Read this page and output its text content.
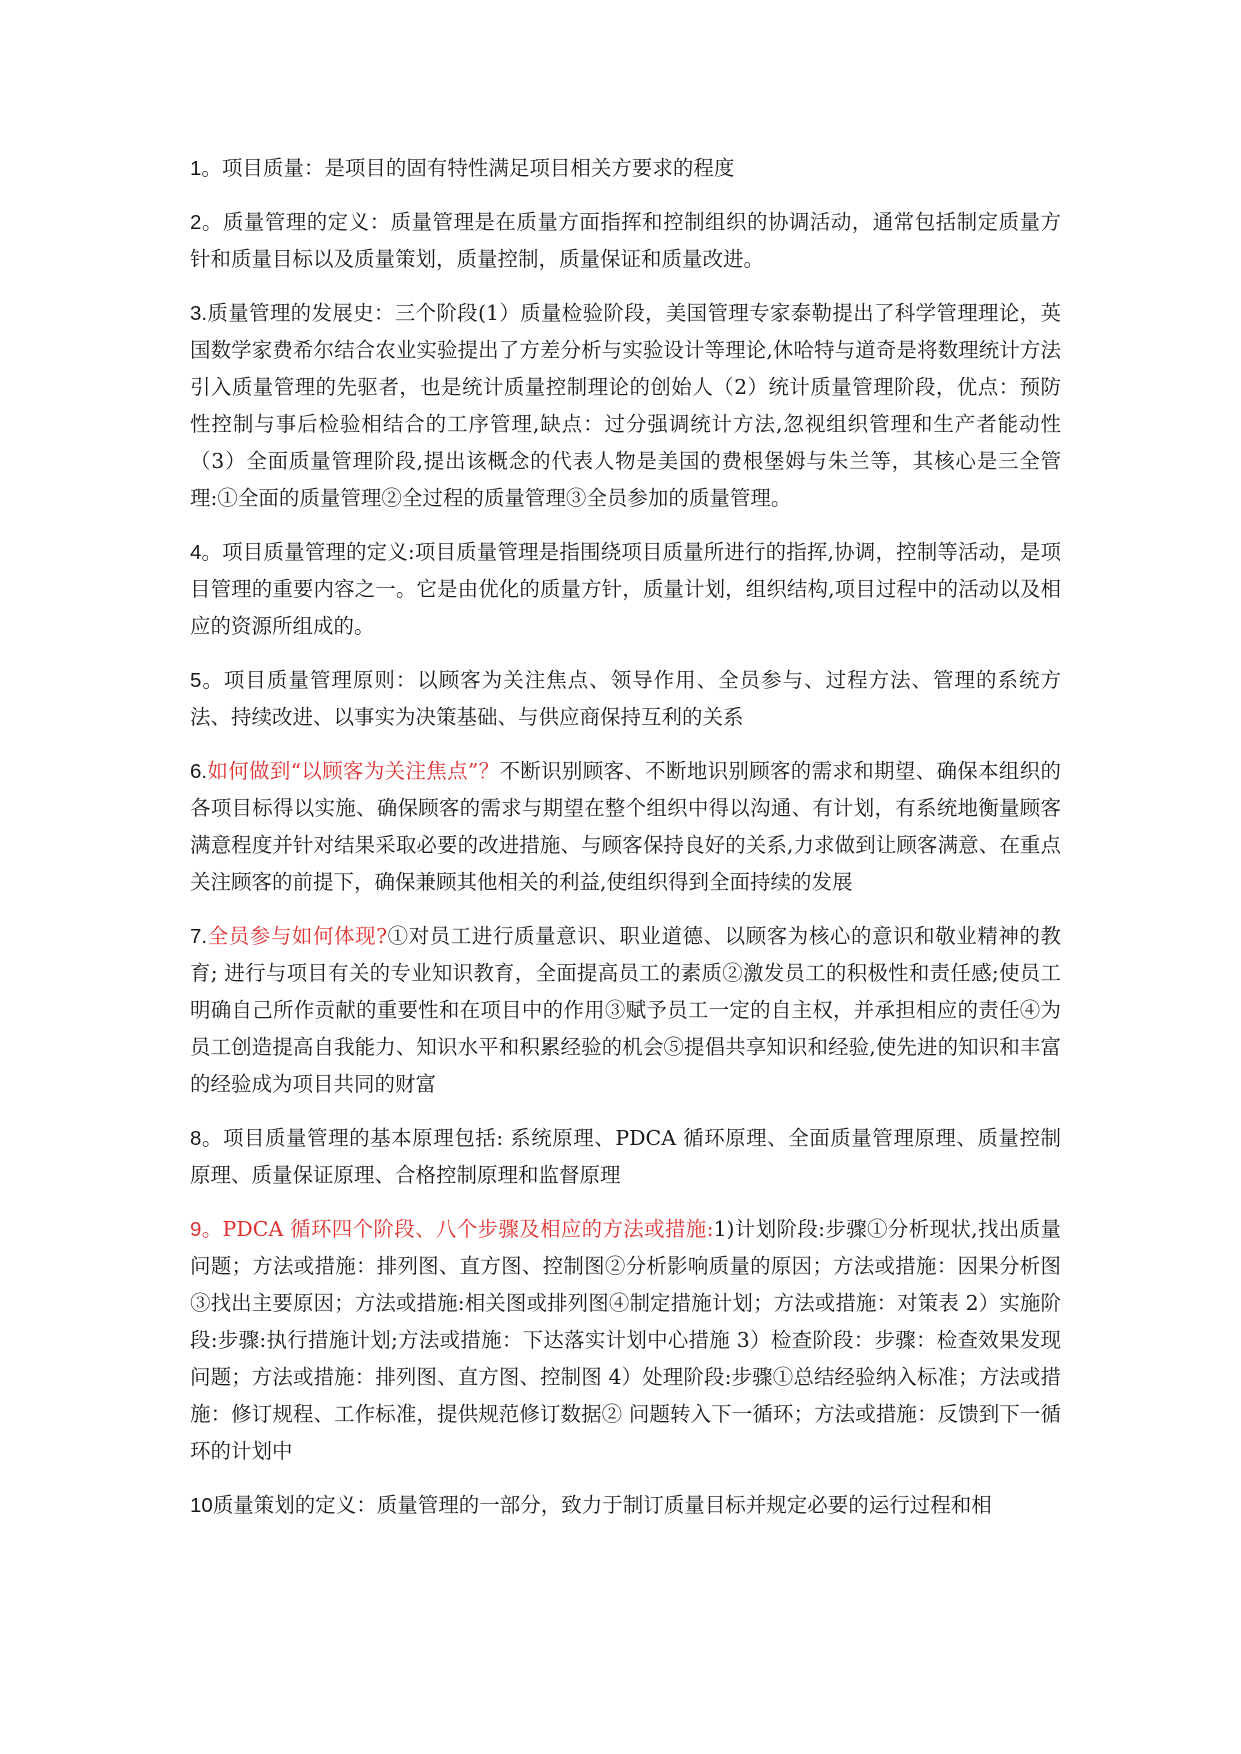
1。项目质量：是项目的固有特性满足项目相关方要求的程度

2。质量管理的定义：质量管理是在质量方面指挥和控制组织的协调活动，通常包括制定质量方针和质量目标以及质量策划，质量控制，质量保证和质量改进。

3.质量管理的发展史：三个阶段(1）质量检验阶段，美国管理专家泰勒提出了科学管理理论，英国数学家费希尔结合农业实验提出了方差分析与实验设计等理论,休哈特与道奇是将数理统计方法引入质量管理的先驱者，也是统计质量控制理论的创始人（2）统计质量管理阶段，优点：预防性控制与事后检验相结合的工序管理,缺点：过分强调统计方法,忽视组织管理和生产者能动性（3）全面质量管理阶段,提出该概念的代表人物是美国的费根堡姆与朱兰等，其核心是三全管理:①全面的质量管理②全过程的质量管理③全员参加的质量管理。

4。项目质量管理的定义:项目质量管理是指围绕项目质量所进行的指挥,协调，控制等活动，是项目管理的重要内容之一。它是由优化的质量方针，质量计划，组织结构,项目过程中的活动以及相应的资源所组成的。

5。项目质量管理原则：以顾客为关注焦点、领导作用、全员参与、过程方法、管理的系统方法、持续改进、以事实为决策基础、与供应商保持互利的关系

6.如何做到“以顾客为关注焦点”？不断识别顾客、不断地识别顾客的需求和期望、确保本组织的各项目标得以实施、确保顾客的需求与期望在整个组织中得以沟通、有计划，有系统地衡量顾客满意程度并针对结果采取必要的改进措施、与顾客保持良好的关系,力求做到让顾客满意、在重点关注顾客的前提下，确保兼顾其他相关的利益,使组织得到全面持续的发展

7.全员参与如何体现?①对员工进行质量意识、职业道德、以顾客为核心的意识和敬业精神的教育; 进行与项目有关的专业知识教育，全面提高员工的素质②激发员工的积极性和责任感;使员工明确自己所作贡献的重要性和在项目中的作用③赋予员工一定的自主权，并承担相应的责任④为员工创造提高自我能力、知识水平和积累经验的机会⑤提倡共享知识和经验,使先进的知识和丰富的经验成为项目共同的财富

8。项目质量管理的基本原理包括: 系统原理、PDCA 循环原理、全面质量管理原理、质量控制原理、质量保证原理、合格控制原理和监督原理

9。PDCA 循环四个阶段、八个步骤及相应的方法或措施:1)计划阶段:步骤①分析现状,找出质量问题；方法或措施：排列图、直方图、控制图②分析影响质量的原因；方法或措施：因果分析图③找出主要原因；方法或措施:相关图或排列图④制定措施计划；方法或措施：对策表 2）实施阶段:步骤:执行措施计划;方法或措施：下达落实计划中心措施 3）检查阶段：步骤：检查效果发现问题；方法或措施：排列图、直方图、控制图 4）处理阶段:步骤①总结经验纳入标准；方法或措施：修订规程、工作标准，提供规范修订数据② 问题转入下一循环；方法或措施：反馈到下一循环的计划中

10质量策划的定义：质量管理的一部分，致力于制订质量目标并规定必要的运行过程和相
